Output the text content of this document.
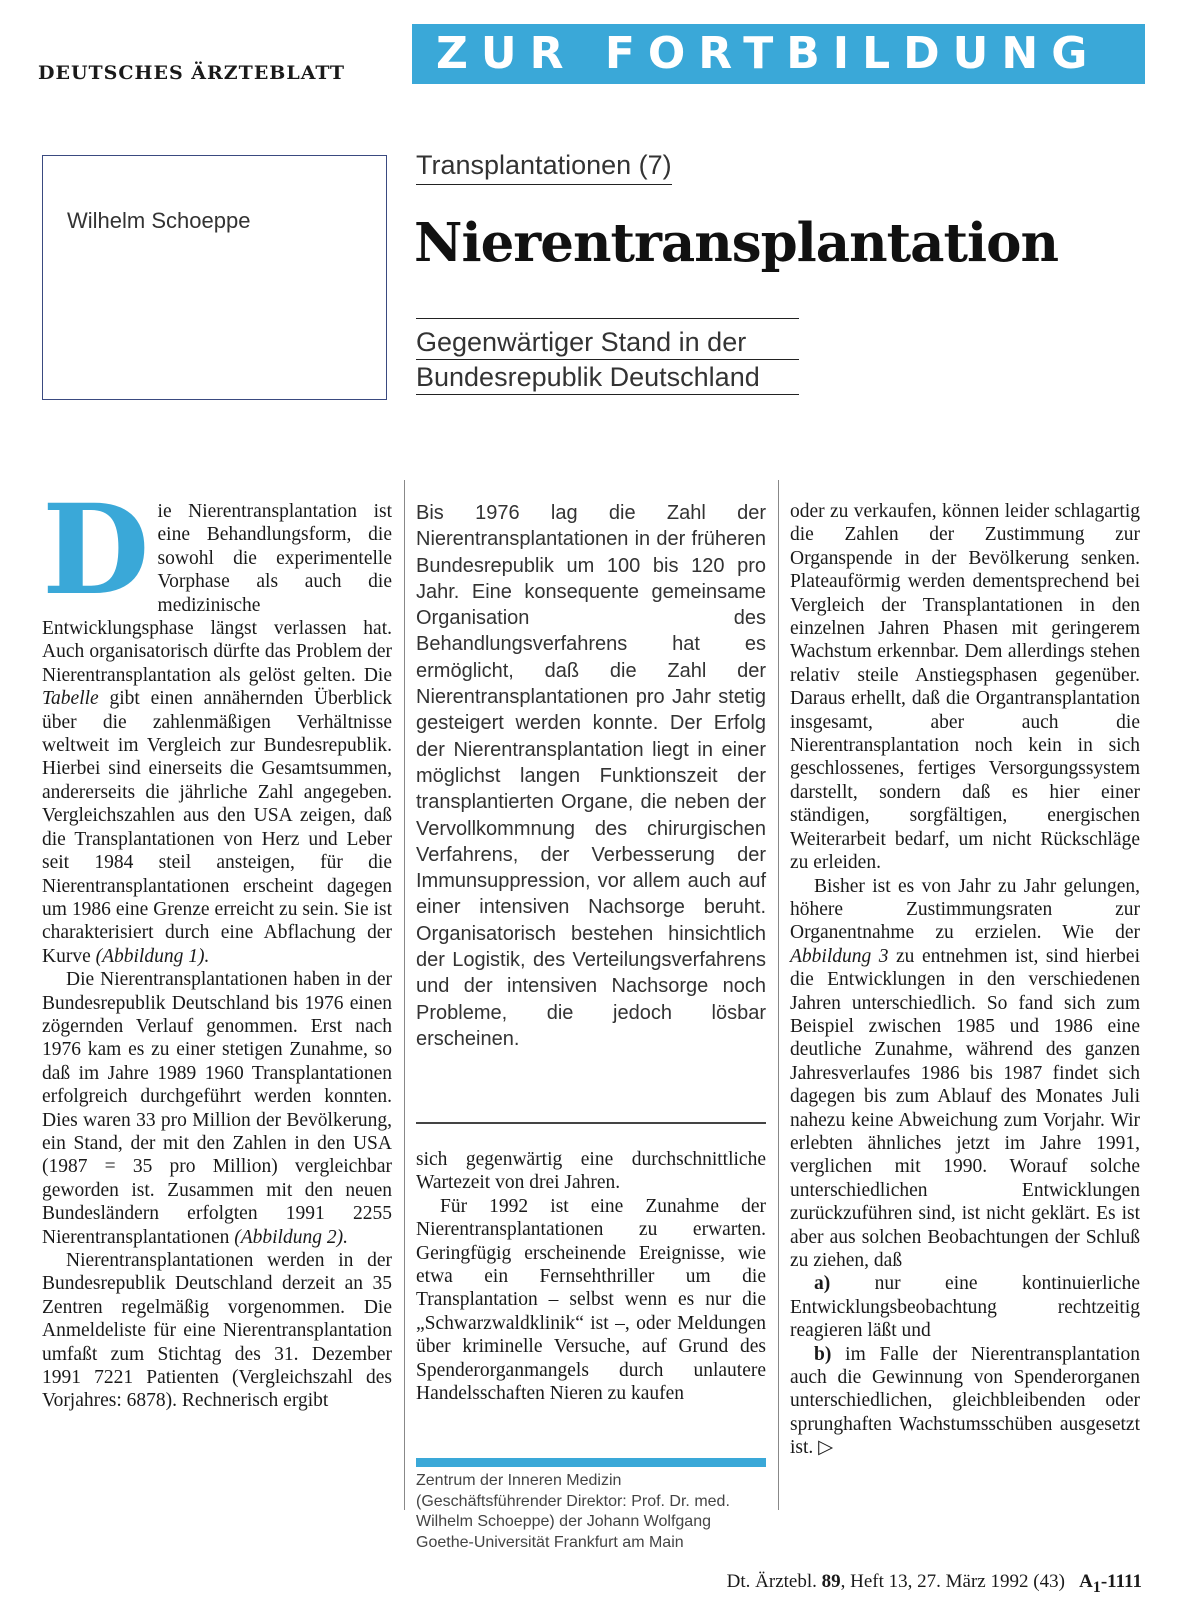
DEUTSCHES ÄRZTEBLATT	ZUR FORTBILDUNG
Wilhelm Schoeppe
Transplantationen (7)
Nierentransplantation
Gegenwärtiger Stand in der
Bundesrepublik Deutschland

Die Nierentransplantation ist eine Behandlungsform, die sowohl die experimentelle Vorphase als auch die medizinische Entwicklungsphase längst verlassen hat. Auch organisatorisch dürfte das Problem der Nierentransplantation als gelöst gelten. Die Tabelle gibt einen annähernden Überblick über die zahlenmäßigen Verhältnisse weltweit im Vergleich zur Bundesrepublik. Hierbei sind einerseits die Gesamtsummen, andererseits die jährliche Zahl angegeben. Vergleichszahlen aus den USA zeigen, daß die Transplantationen von Herz und Leber seit 1984 steil ansteigen, für die Nierentransplantationen erscheint dagegen um 1986 eine Grenze erreicht zu sein. Sie ist charakterisiert durch eine Abflachung der Kurve (Abbildung 1).

Die Nierentransplantationen haben in der Bundesrepublik Deutschland bis 1976 einen zögernden Verlauf genommen. Erst nach 1976 kam es zu einer stetigen Zunahme, so daß im Jahre 1989 1960 Transplantationen erfolgreich durchgeführt werden konnten. Dies waren 33 pro Million der Bevölkerung, ein Stand, der mit den Zahlen in den USA (1987 = 35 pro Million) vergleichbar geworden ist. Zusammen mit den neuen Bundesländern erfolgten 1991 2255 Nierentransplantationen (Abbildung 2).

Nierentransplantationen werden in der Bundesrepublik Deutschland derzeit an 35 Zentren regelmäßig vorgenommen. Die Anmeldeliste für eine Nierentransplantation umfaßt zum Stichtag des 31. Dezember 1991 7221 Patienten (Vergleichszahl des Vorjahres: 6878). Rechnerisch ergibt

Bis 1976 lag die Zahl der Nierentransplantationen in der früheren Bundesrepublik um 100 bis 120 pro Jahr. Eine konsequente gemeinsame Organisation des Behandlungsverfahrens hat es ermöglicht, daß die Zahl der Nierentransplantationen pro Jahr stetig gesteigert werden konnte. Der Erfolg der Nierentransplantation liegt in einer möglichst langen Funktionszeit der transplantierten Organe, die neben der Vervollkommnung des chirurgischen Verfahrens, der Verbesserung der Immunsuppression, vor allem auch auf einer intensiven Nachsorge beruht. Organisatorisch bestehen hinsichtlich der Logistik, des Verteilungsverfahrens und der intensiven Nachsorge noch Probleme, die jedoch lösbar erscheinen.

sich gegenwärtig eine durchschnittliche Wartezeit von drei Jahren.

Für 1992 ist eine Zunahme der Nierentransplantationen zu erwarten. Geringfügig erscheinende Ereignisse, wie etwa ein Fernsehthriller um die Transplantation – selbst wenn es nur die „Schwarzwaldklinik“ ist –, oder Meldungen über kriminelle Versuche, auf Grund des Spenderorganmangels durch unlautere Handelsschaften Nieren zu kaufen

Zentrum der Inneren Medizin (Geschäftsführender Direktor: Prof. Dr. med. Wilhelm Schoeppe) der Johann Wolfgang Goethe-Universität Frankfurt am Main

oder zu verkaufen, können leider schlagartig die Zahlen der Zustimmung zur Organspende in der Bevölkerung senken. Plateauförmig werden dementsprechend bei Vergleich der Transplantationen in den einzelnen Jahren Phasen mit geringerem Wachstum erkennbar. Dem allerdings stehen relativ steile Anstiegsphasen gegenüber. Daraus erhellt, daß die Organtransplantation insgesamt, aber auch die Nierentransplantation noch kein in sich geschlossenes, fertiges Versorgungssystem darstellt, sondern daß es hier einer ständigen, sorgfältigen, energischen Weiterarbeit bedarf, um nicht Rückschläge zu erleiden.

Bisher ist es von Jahr zu Jahr gelungen, höhere Zustimmungsraten zur Organentnahme zu erzielen. Wie der Abbildung 3 zu entnehmen ist, sind hierbei die Entwicklungen in den verschiedenen Jahren unterschiedlich. So fand sich zum Beispiel zwischen 1985 und 1986 eine deutliche Zunahme, während des ganzen Jahresverlaufes 1986 bis 1987 findet sich dagegen bis zum Ablauf des Monates Juli nahezu keine Abweichung zum Vorjahr. Wir erlebten ähnliches jetzt im Jahre 1991, verglichen mit 1990. Worauf solche unterschiedlichen Entwicklungen zurückzuführen sind, ist nicht geklärt. Es ist aber aus solchen Beobachtungen der Schluß zu ziehen, daß

a) nur eine kontinuierliche Entwicklungsbeobachtung rechtzeitig reagieren läßt und

b) im Falle der Nierentransplantation auch die Gewinnung von Spenderorganen unterschiedlichen, gleichbleibenden oder sprunghaften Wachstumsschüben ausgesetzt ist. ▷

Dt. Ärztebl. 89, Heft 13, 27. März 1992 (43) $A_1-1111$
